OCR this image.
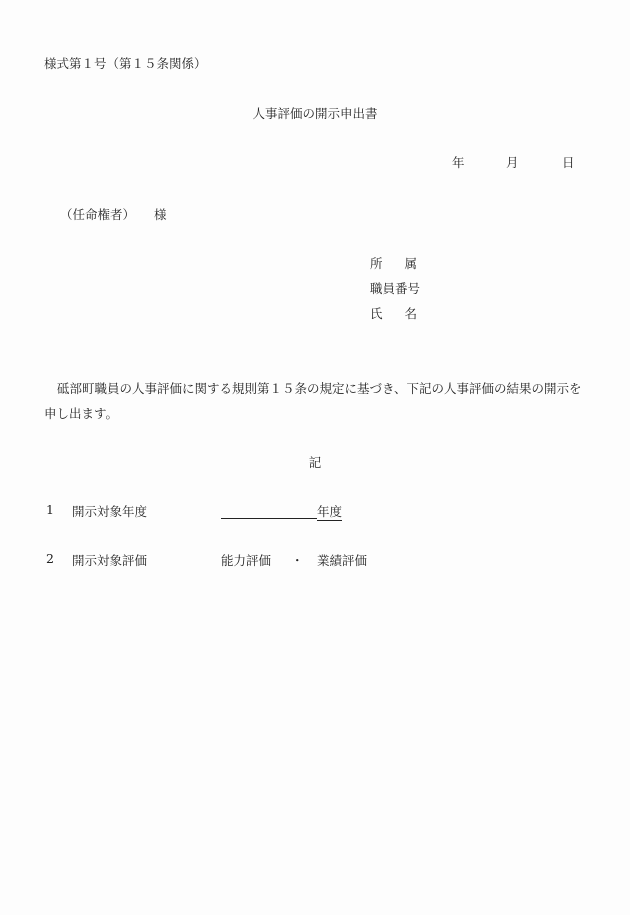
様式第１号（第１５条関係）
人事評価の開示申出書
年	月	日
（任命権者） 様
所属
職員番号
氏名
砥部町職員の人事評価に関する規則第１５条の規定に基づき、下記の人事評価の結果の開示を申し出ます。
記
1 開示対象年度	年度
2 開示対象評価	能力評価 ・ 業績評価
